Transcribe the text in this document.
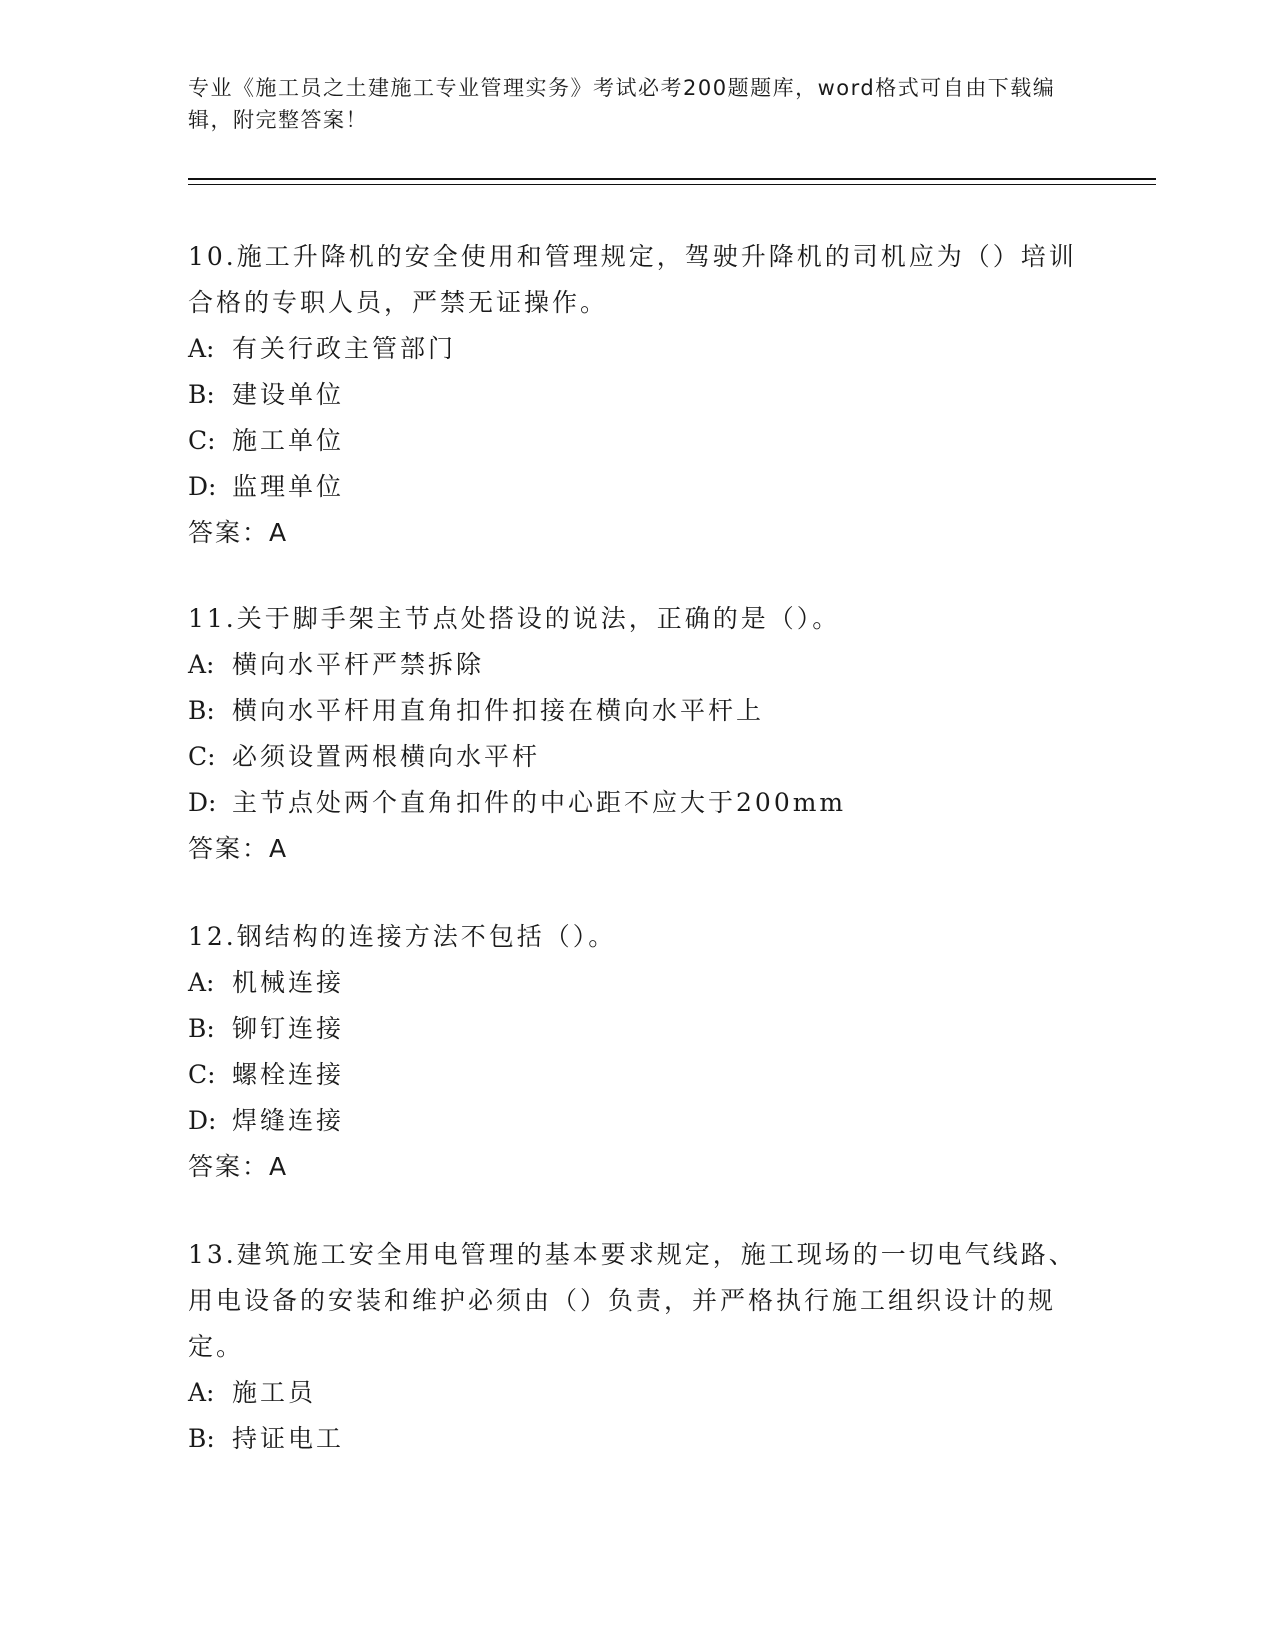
专业《施工员之土建施工专业管理实务》考试必考200题题库，word格式可自由下载编辑，附完整答案！

10.施工升降机的安全使用和管理规定，驾驶升降机的司机应为（）培训合格的专职人员，严禁无证操作。

A: 有关行政主管部门

B: 建设单位

C: 施工单位

D: 监理单位

答案：A

11.关于脚手架主节点处搭设的说法，正确的是（）。

A: 横向水平杆严禁拆除

B: 横向水平杆用直角扣件扣接在横向水平杆上

C: 必须设置两根横向水平杆

D: 主节点处两个直角扣件的中心距不应大于200mm

答案：A

12.钢结构的连接方法不包括（）。

A: 机械连接

B: 铆钉连接

C: 螺栓连接

D: 焊缝连接

答案：A

13.建筑施工安全用电管理的基本要求规定，施工现场的一切电气线路、用电设备的安装和维护必须由（）负责，并严格执行施工组织设计的规定。

A: 施工员

B: 持证电工
